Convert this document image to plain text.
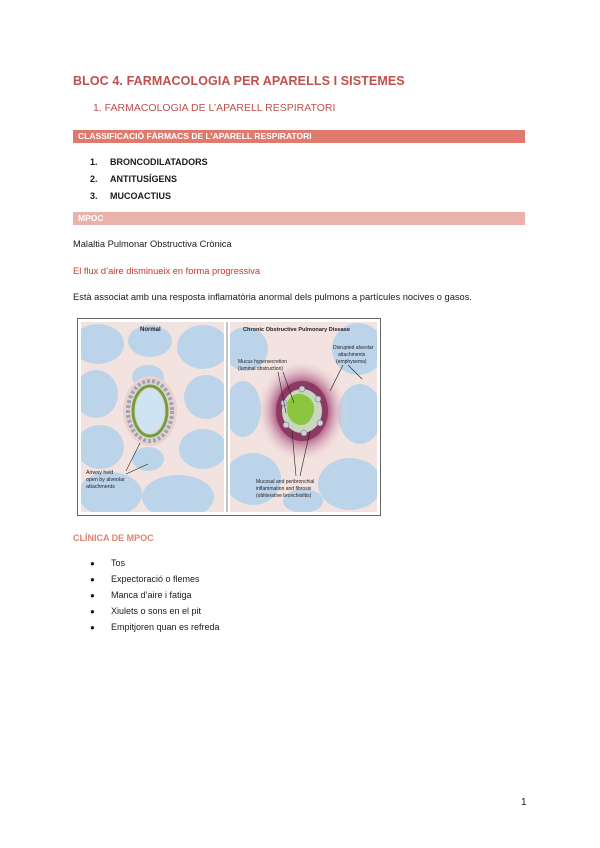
BLOC 4. FARMACOLOGIA PER APARELLS I SISTEMES
1. FARMACOLOGIA DE L’APARELL RESPIRATORI
CLASSIFICACIÓ FÀRMACS DE L’APARELL RESPIRATORI
1. BRONCODILATADORS
2. ANTITUSÍGENS
3. MUCOACTIUS
MPOC
Malaltia Pulmonar Obstructiva Crònica
El flux d’aire disminueix en forma progressiva
Està associat amb una resposta inflamatòria anormal dels pulmons a partícules nocives o gasos.
Normal
Airway held
open by alveolar
attachments
Chronic Obstructive Pulmonary Disease
Mucus hypersecretion
(luminal obstruction)
Disrupted alveolar
attachments
(emphysema)
Mucosal and peribronchial
inflammation and fibrosis
(obliterative bronchiolitis)
CLÍNICA DE MPOC
● Tos
● Expectoració o flemes
● Manca d’aire i fatiga
● Xiulets o sons en el pit
● Empitjoren quan es refreda
1
